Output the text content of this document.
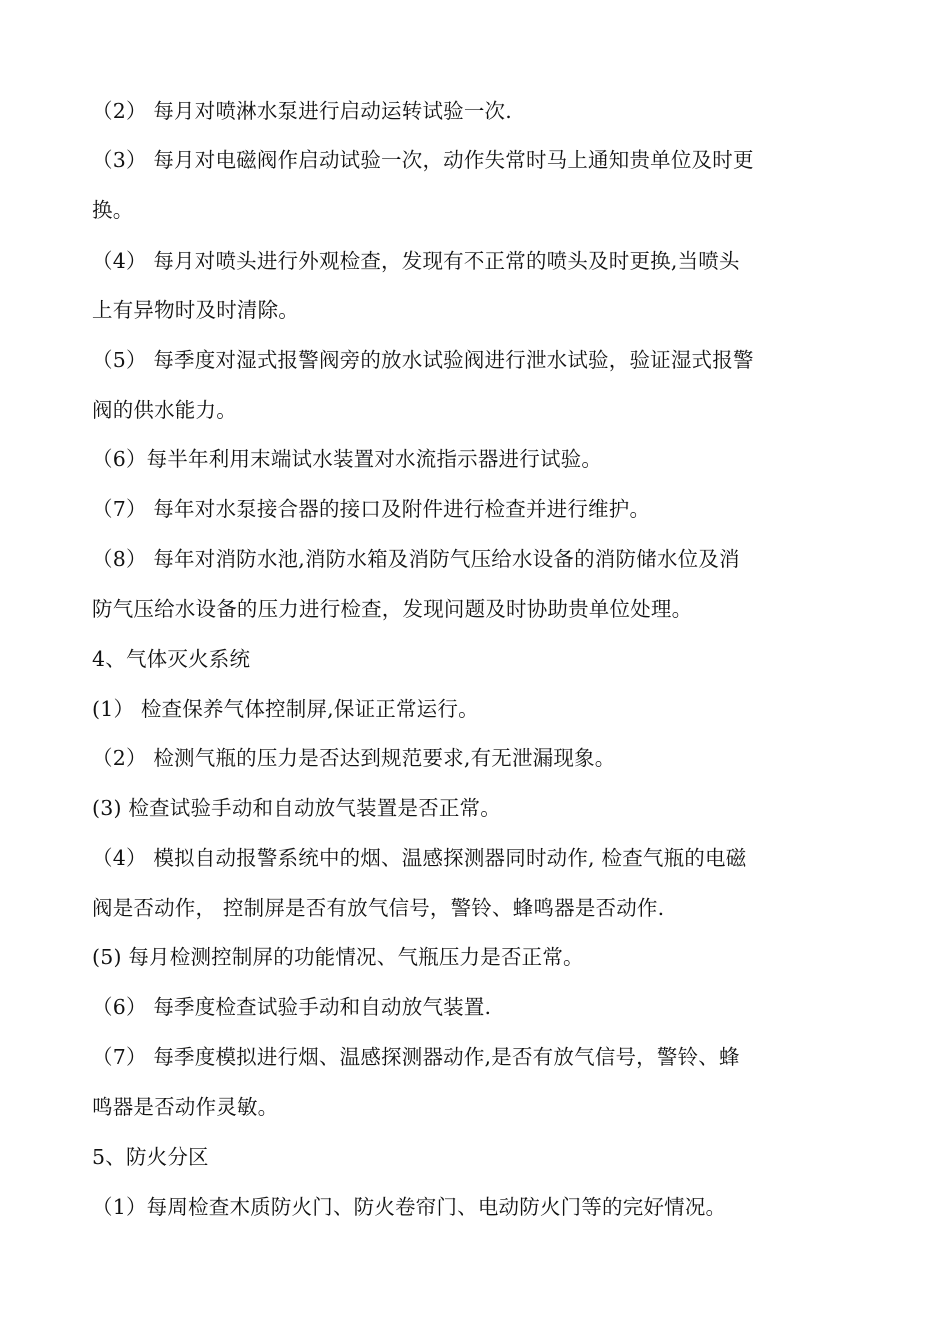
（2） 每月对喷淋水泵进行启动运转试验一次.
（3） 每月对电磁阀作启动试验一次，动作失常时马上通知贵单位及时更
换。
（4） 每月对喷头进行外观检查，发现有不正常的喷头及时更换,当喷头
上有异物时及时清除。
（5） 每季度对湿式报警阀旁的放水试验阀进行泄水试验，验证湿式报警
阀的供水能力。
（6）每半年利用末端试水装置对水流指示器进行试验。
（7） 每年对水泵接合器的接口及附件进行检查并进行维护。
（8） 每年对消防水池,消防水箱及消防气压给水设备的消防储水位及消
防气压给水设备的压力进行检查，发现问题及时协助贵单位处理。
4、气体灭火系统
(1） 检查保养气体控制屏,保证正常运行。
（2） 检测气瓶的压力是否达到规范要求,有无泄漏现象。
(3) 检查试验手动和自动放气装置是否正常。
（4） 模拟自动报警系统中的烟、温感探测器同时动作, 检查气瓶的电磁
阀是否动作， 控制屏是否有放气信号，警铃、蜂鸣器是否动作.
(5) 每月检测控制屏的功能情况、气瓶压力是否正常。
（6） 每季度检查试验手动和自动放气装置.
（7） 每季度模拟进行烟、温感探测器动作,是否有放气信号，警铃、蜂
鸣器是否动作灵敏。
5、防火分区
（1）每周检查木质防火门、防火卷帘门、电动防火门等的完好情况。
